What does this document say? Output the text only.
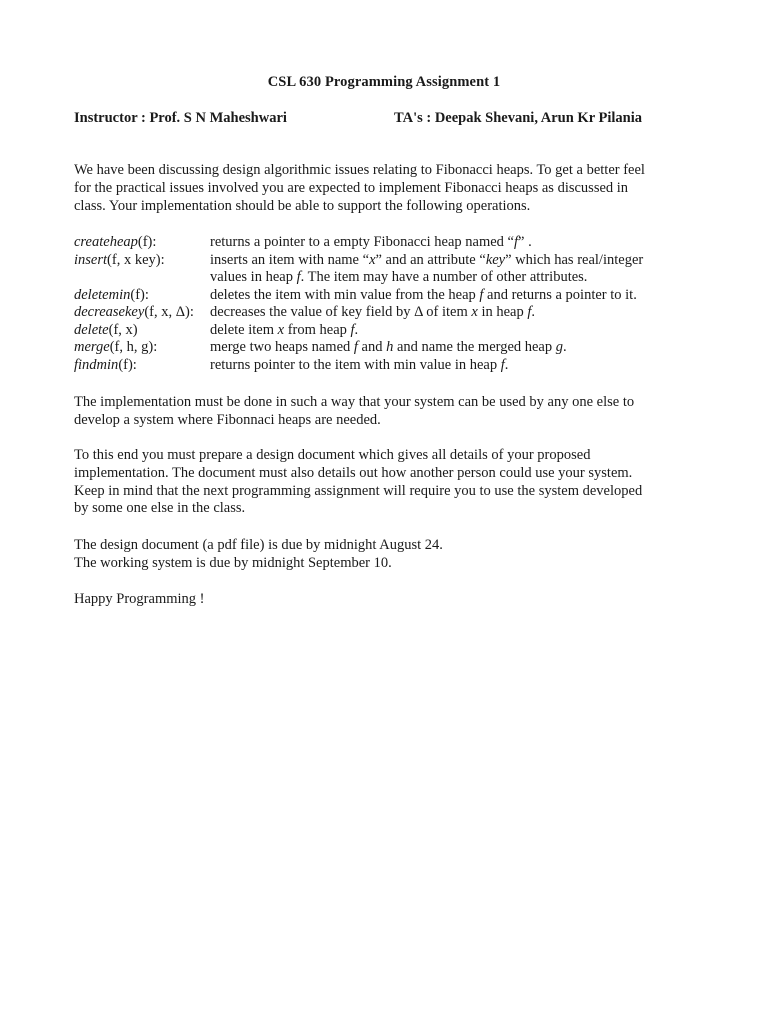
CSL 630 Programming Assignment 1
Instructor : Prof. S N Maheshwari	TA's : Deepak Shevani, Arun Kr Pilania
We have been discussing design algorithmic issues relating to Fibonacci heaps. To get a better feel
for the practical issues involved you are expected to implement Fibonacci heaps as discussed in
class. Your implementation should be able to support the following operations.
createheap(f):	returns a pointer to a empty Fibonacci heap named “f” .
insert(f, x key):	inserts an item with name “x” and an attribute “key” which has real/integer
values in heap f. The item may have a number of other attributes.
deletemin(f):	deletes the item with min value from the heap f and returns a pointer to it.
decreasekey(f, x, Δ):	decreases the value of key field by Δ of item x in heap f.
delete(f, x)	delete item x from heap f.
merge(f, h, g):	merge two heaps named f and h and name the merged heap g.
findmin(f):	returns pointer to the item with min value in heap f.
The implementation must be done in such a way that your system can be used by any one else to
develop a system where Fibonnaci heaps are needed.
To this end you must prepare a design document which gives all details of your proposed
implementation. The document must also details out how another person could use your system.
Keep in mind that the next programming assignment will require you to use the system developed
by some one else in the class.
The design document (a pdf file) is due by midnight August 24.
The working system is due by midnight September 10.
Happy Programming !
